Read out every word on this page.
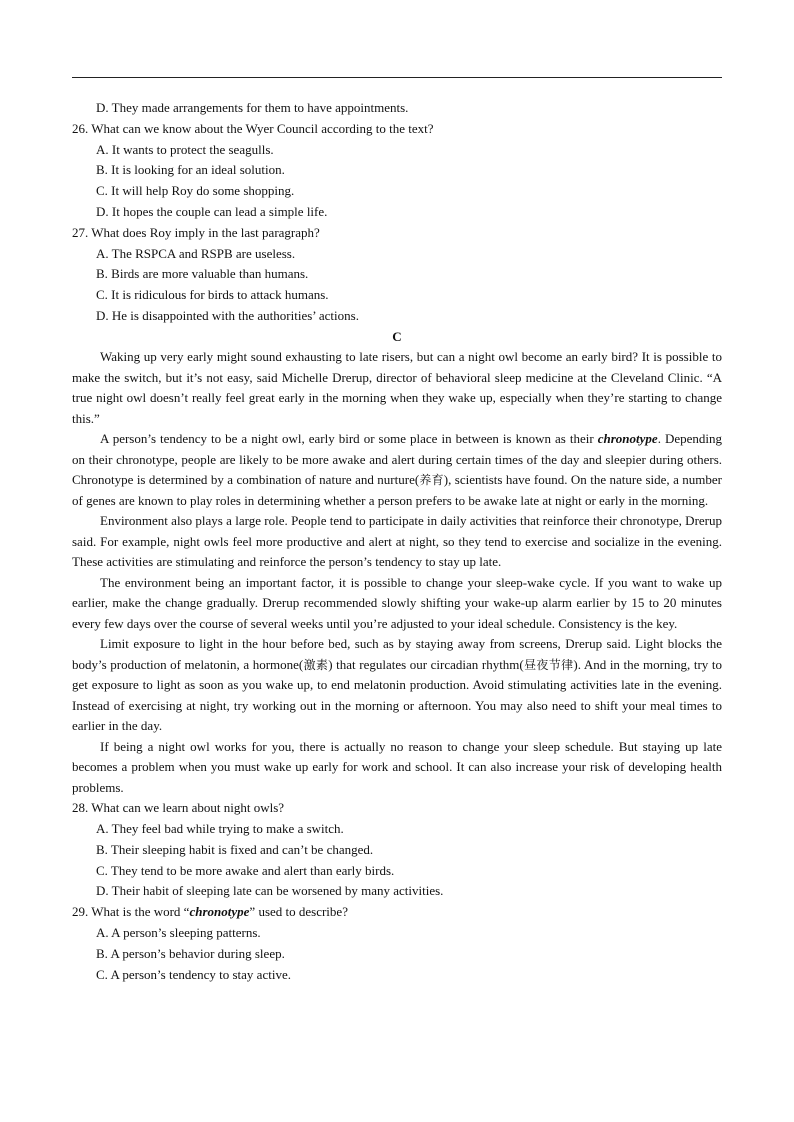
D. They made arrangements for them to have appointments.
26. What can we know about the Wyer Council according to the text?
A. It wants to protect the seagulls.
B. It is looking for an ideal solution.
C. It will help Roy do some shopping.
D. It hopes the couple can lead a simple life.
27. What does Roy imply in the last paragraph?
A. The RSPCA and RSPB are useless.
B. Birds are more valuable than humans.
C. It is ridiculous for birds to attack humans.
D. He is disappointed with the authorities’ actions.
C

Waking up very early might sound exhausting to late risers, but can a night owl become an early bird? It is possible to make the switch, but it’s not easy, said Michelle Drerup, director of behavioral sleep medicine at the Cleveland Clinic. “A true night owl doesn’t really feel great early in the morning when they wake up, especially when they’re starting to change this.”

A person’s tendency to be a night owl, early bird or some place in between is known as their chronotype. Depending on their chronotype, people are likely to be more awake and alert during certain times of the day and sleepier during others. Chronotype is determined by a combination of nature and nurture(养育), scientists have found. On the nature side, a number of genes are known to play roles in determining whether a person prefers to be awake late at night or early in the morning.

Environment also plays a large role. People tend to participate in daily activities that reinforce their chronotype, Drerup said. For example, night owls feel more productive and alert at night, so they tend to exercise and socialize in the evening. These activities are stimulating and reinforce the person’s tendency to stay up late.

The environment being an important factor, it is possible to change your sleep-wake cycle. If you want to wake up earlier, make the change gradually. Drerup recommended slowly shifting your wake-up alarm earlier by 15 to 20 minutes every few days over the course of several weeks until you’re adjusted to your ideal schedule. Consistency is the key.

Limit exposure to light in the hour before bed, such as by staying away from screens, Drerup said. Light blocks the body’s production of melatonin, a hormone(激素) that regulates our circadian rhythm(昼夜节律). And in the morning, try to get exposure to light as soon as you wake up, to end melatonin production. Avoid stimulating activities late in the evening. Instead of exercising at night, try working out in the morning or afternoon. You may also need to shift your meal times to earlier in the day.

If being a night owl works for you, there is actually no reason to change your sleep schedule. But staying up late becomes a problem when you must wake up early for work and school. It can also increase your risk of developing health problems.

28. What can we learn about night owls?
A. They feel bad while trying to make a switch.
B. Their sleeping habit is fixed and can’t be changed.
C. They tend to be more awake and alert than early birds.
D. Their habit of sleeping late can be worsened by many activities.
29. What is the word “chronotype” used to describe?
A. A person’s sleeping patterns.
B. A person’s behavior during sleep.
C. A person’s tendency to stay active.
